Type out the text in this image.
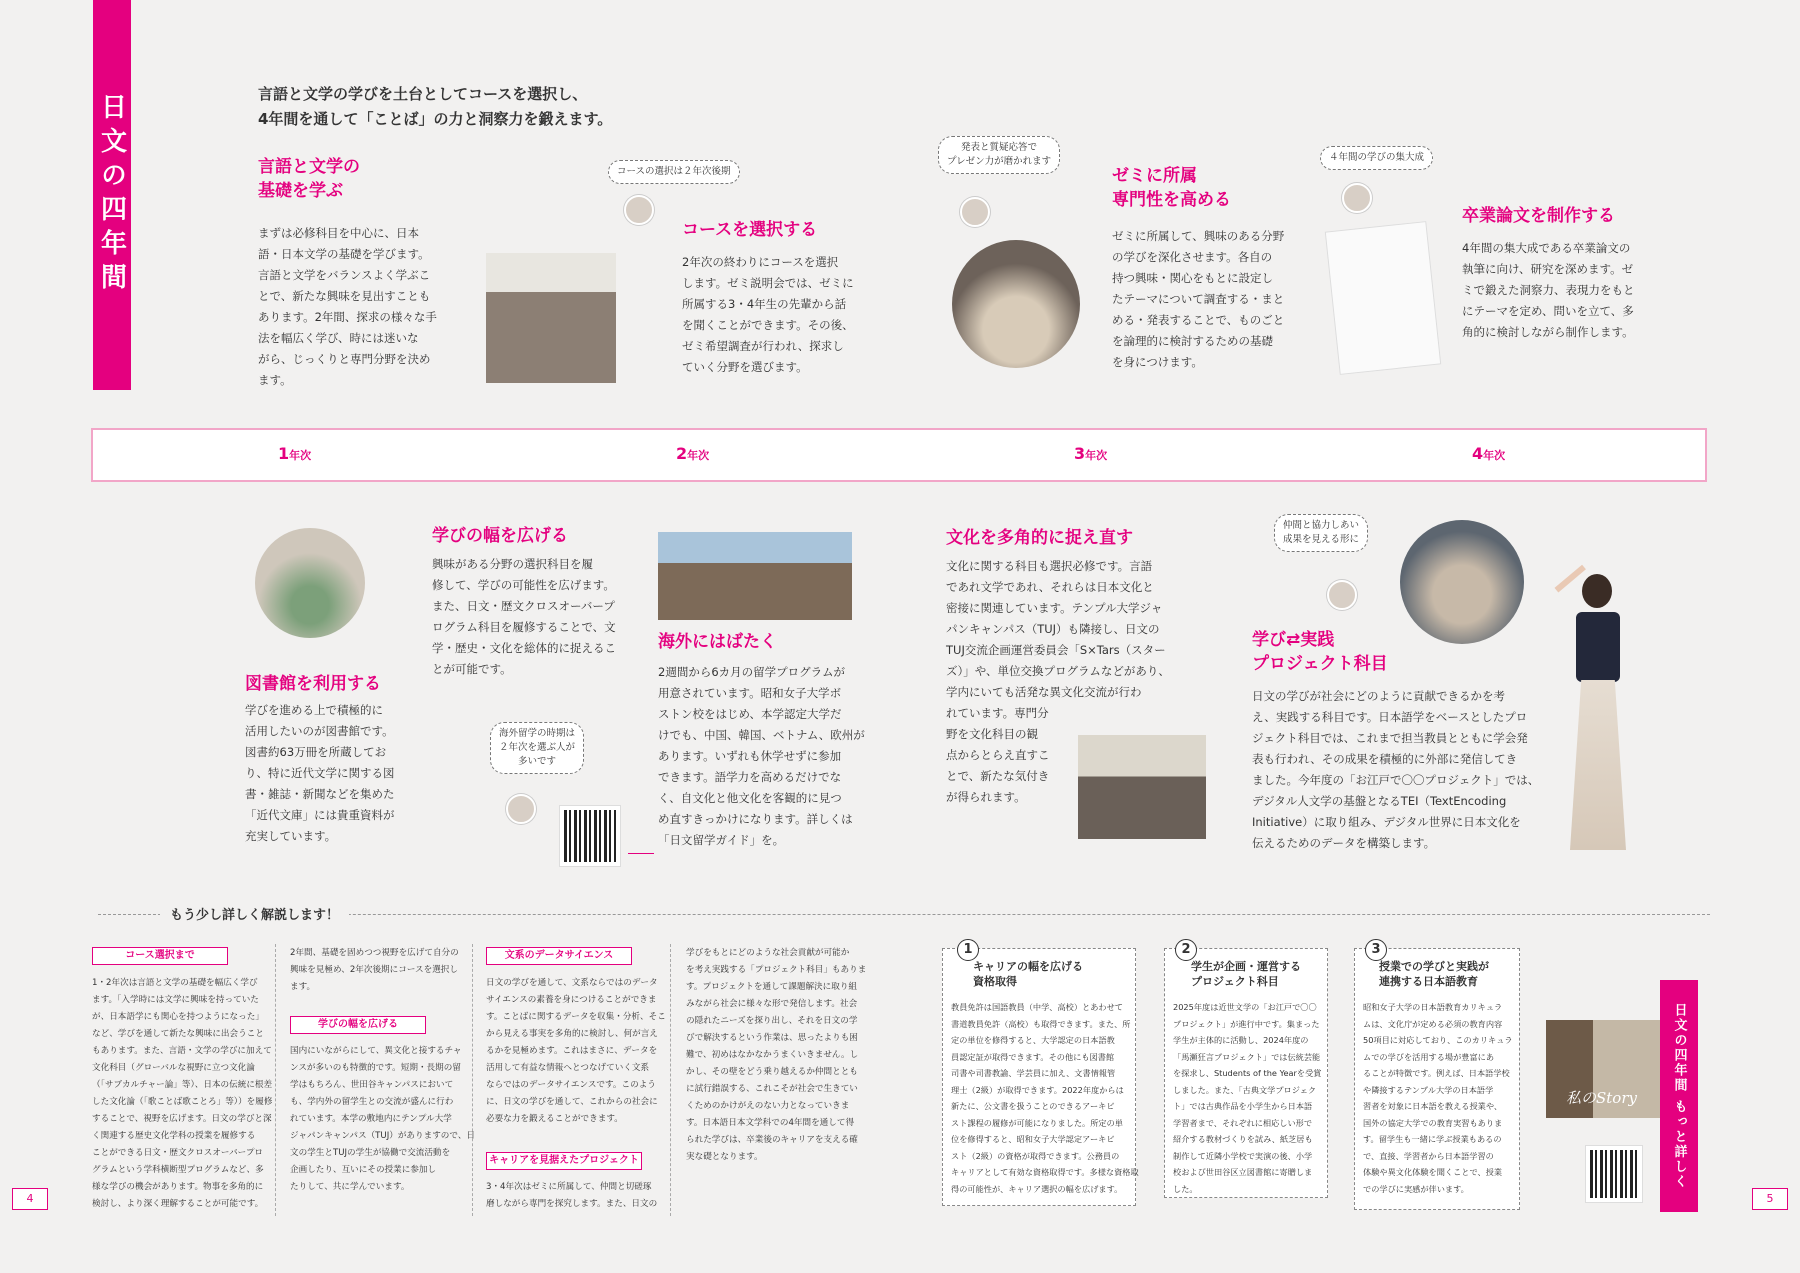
日文の四年間	言語と文学の学びを土台としてコースを選択し、
4年間を通して「ことば」の力と洞察力を鍛えます。
言語と文学の
基礎を学ぶ
まずは必修科目を中心に、日本
語・日本文学の基礎を学びます。
言語と文学をバランスよく学ぶこ
とで、新たな興味を見出すことも
あります。2年間、探求の様々な手
法を幅広く学び、時には迷いな
がら、じっくりと専門分野を決め
ます。
コースの選択は２年次後期
コースを選択する
2年次の終わりにコースを選択
します。ゼミ説明会では、ゼミに
所属する3・4年生の先輩から話
を聞くことができます。その後、
ゼミ希望調査が行われ、探求し
ていく分野を選びます。
発表と質疑応答で
プレゼン力が磨かれます
ゼミに所属
専門性を高める
ゼミに所属して、興味のある分野
の学びを深化させます。各自の
持つ興味・関心をもとに設定し
たテーマについて調査する・まと
める・発表することで、ものごと
を論理的に検討するための基礎
を身につけます。
４年間の学びの集大成
卒業論文を制作する
4年間の集大成である卒業論文の
執筆に向け、研究を深めます。ゼ
ミで鍛えた洞察力、表現力をもと
にテーマを定め、問いを立て、多
角的に検討しながら制作します。
1年次	2年次	3年次	4年次
図書館を利用する
学びを進める上で積極的に
活用したいのが図書館です。
図書約63万冊を所蔵してお
り、特に近代文学に関する図
書・雑誌・新聞などを集めた
「近代文庫」には貴重資料が
充実しています。
学びの幅を広げる
興味がある分野の選択科目を履
修して、学びの可能性を広げます。
また、日文・歴文クロスオーバープ
ログラム科目を履修することで、文
学・歴史・文化を総体的に捉えるこ
とが可能です。
海外にはばたく
2週間から6カ月の留学プログラムが
用意されています。昭和女子大学ボ
ストン校をはじめ、本学認定大学だ
けでも、中国、韓国、ベトナム、欧州が
あります。いずれも休学せずに参加
できます。語学力を高めるだけでな
く、自文化と他文化を客観的に見つ
め直すきっかけになります。詳しくは
「日文留学ガイド」を。
海外留学の時期は
２年次を選ぶ人が
多いです
文化を多角的に捉え直す
文化に関する科目も選択必修です。言語
であれ文学であれ、それらは日本文化と
密接に関連しています。テンプル大学ジャ
パンキャンパス（TUJ）も隣接し、日文の
TUJ交流企画運営委員会「S×Tars（スター
ズ）」や、単位交換プログラムなどがあり、
学内にいても活発な異文化交流が行わ
れています。専門分
野を文化科目の観
点からとらえ直すこ
とで、新たな気付き
が得られます。
仲間と協力しあい
成果を見える形に
学び⇄実践
プロジェクト科目
日文の学びが社会にどのように貢献できるかを考
え、実践する科目です。日本語学をベースとしたプロ
ジェクト科目では、これまで担当教員とともに学会発
表も行われ、その成果を積極的に外部に発信してき
ました。今年度の「お江戸で〇〇プロジェクト」では、
デジタル人文学の基盤となるTEI（TextEncoding
Initiative）に取り組み、デジタル世界に日本文化を
伝えるためのデータを構築します。
もう少し詳しく解説します！
コース選択まで
1・2年次は言語と文学の基礎を幅広く学び
ます。「入学時には文学に興味を持っていた
が、日本語学にも関心を持つようになった」
など、学びを通して新たな興味に出会うこと
もあります。また、言語・文学の学びに加えて
文化科目（グローバルな視野に立つ文化論
（「サブカルチャー論」等）、日本の伝統に根差
した文化論（「歌ことば歌ことろ」等））を履修
することで、視野を広げます。日文の学びと深
く関連する歴史文化学科の授業を履修する
ことができる日文・歴文クロスオーバープロ
グラムという学科横断型プログラムなど、多
様な学びの機会があります。物事を多角的に
検討し、より深く理解することが可能です。
2年間、基礎を固めつつ視野を広げて自分の
興味を見極め、2年次後期にコースを選択し
ます。
学びの幅を広げる
国内にいながらにして、異文化と接するチャ
ンスが多いのも特徴的です。短期・長期の留
学はもちろん、世田谷キャンパスにおいて
も、学内外の留学生との交流が盛んに行わ
れています。本学の敷地内にテンプル大学
ジャパンキャンパス（TUJ）がありますので、日
文の学生とTUJの学生が協働で交流活動を
企画したり、互いにその授業に参加し
たりして、共に学んでいます。
文系のデータサイエンス
日文の学びを通して、文系ならではのデータ
サイエンスの素養を身につけることができま
す。ことばに関するデータを収集・分析、そこ
から見える事実を多角的に検討し、何が言え
るかを見極めます。これはまさに、データを
活用して有益な情報へとつなげていく文系
ならではのデータサイエンスです。このよう
に、日文の学びを通して、これからの社会に
必要な力を鍛えることができます。
キャリアを見据えたプロジェクト
3・4年次はゼミに所属して、仲間と切磋琢
磨しながら専門を探究します。また、日文の
学びをもとにどのような社会貢献が可能か
を考え実践する「プロジェクト科目」もありま
す。プロジェクトを通して課題解決に取り組
みながら社会に様々な形で発信します。社会
の隠れたニーズを探り出し、それを日文の学
びで解決するという作業は、思ったよりも困
難で、初めはなかなかうまくいきません。し
かし、その壁をどう乗り越えるか仲間ととも
に試行錯誤する、これこそが社会で生きてい
くためのかけがえのない力となっていきま
す。日本語日本文学科での4年間を通して得
られた学びは、卒業後のキャリアを支える確
実な礎となります。
1
キャリアの幅を広げる
資格取得
教員免許は国語教員（中学、高校）とあわせて
書道教員免許（高校）も取得できます。また、所
定の単位を修得すると、大学認定の日本語教
員認定証が取得できます。その他にも図書館
司書や司書教諭、学芸員に加え、文書情報管
理士（2級）が取得できます。2022年度からは
新たに、公文書を扱うことのできるアーキビ
スト課程の履修が可能になりました。所定の単
位を修得すると、昭和女子大学認定アーキビ
スト（2級）の資格が取得できます。公務員の
キャリアとして有効な資格取得です。多様な資格取
得の可能性が、キャリア選択の幅を広げます。
2
学生が企画・運営する
プロジェクト科目
2025年度は近世文学の「お江戸で〇〇
プロジェクト」が進行中です。集まった
学生が主体的に活動し、2024年度の
「馬瀬狂言プロジェクト」では伝統芸能
を探求し、Students of the Yearを受賞
しました。また、「古典文学プロジェク
ト」では古典作品を小学生から日本語
学習者まで、それぞれに相応しい形で
紹介する教材づくりを試み、紙芝居も
制作して近隣小学校で実演の後、小学
校および世田谷区立図書館に寄贈しま
した。
3
授業での学びと実践が
連携する日本語教育
昭和女子大学の日本語教育カリキュラ
ムは、文化庁が定める必須の教育内容
50項目に対応しており、このカリキュラ
ムでの学びを活用する場が豊富にあ
ることが特徴です。例えば、日本語学校
や隣接するテンプル大学の日本語学
習者を対象に日本語を教える授業や、
国外の協定大学での教育実習もありま
す。留学生も一緒に学ぶ授業もあるの
で、直接、学習者から日本語学習の
体験や異文化体験を聞くことで、授業
での学びに実感が伴います。
私のStory	日文の四年間 もっと詳しく
4	5
